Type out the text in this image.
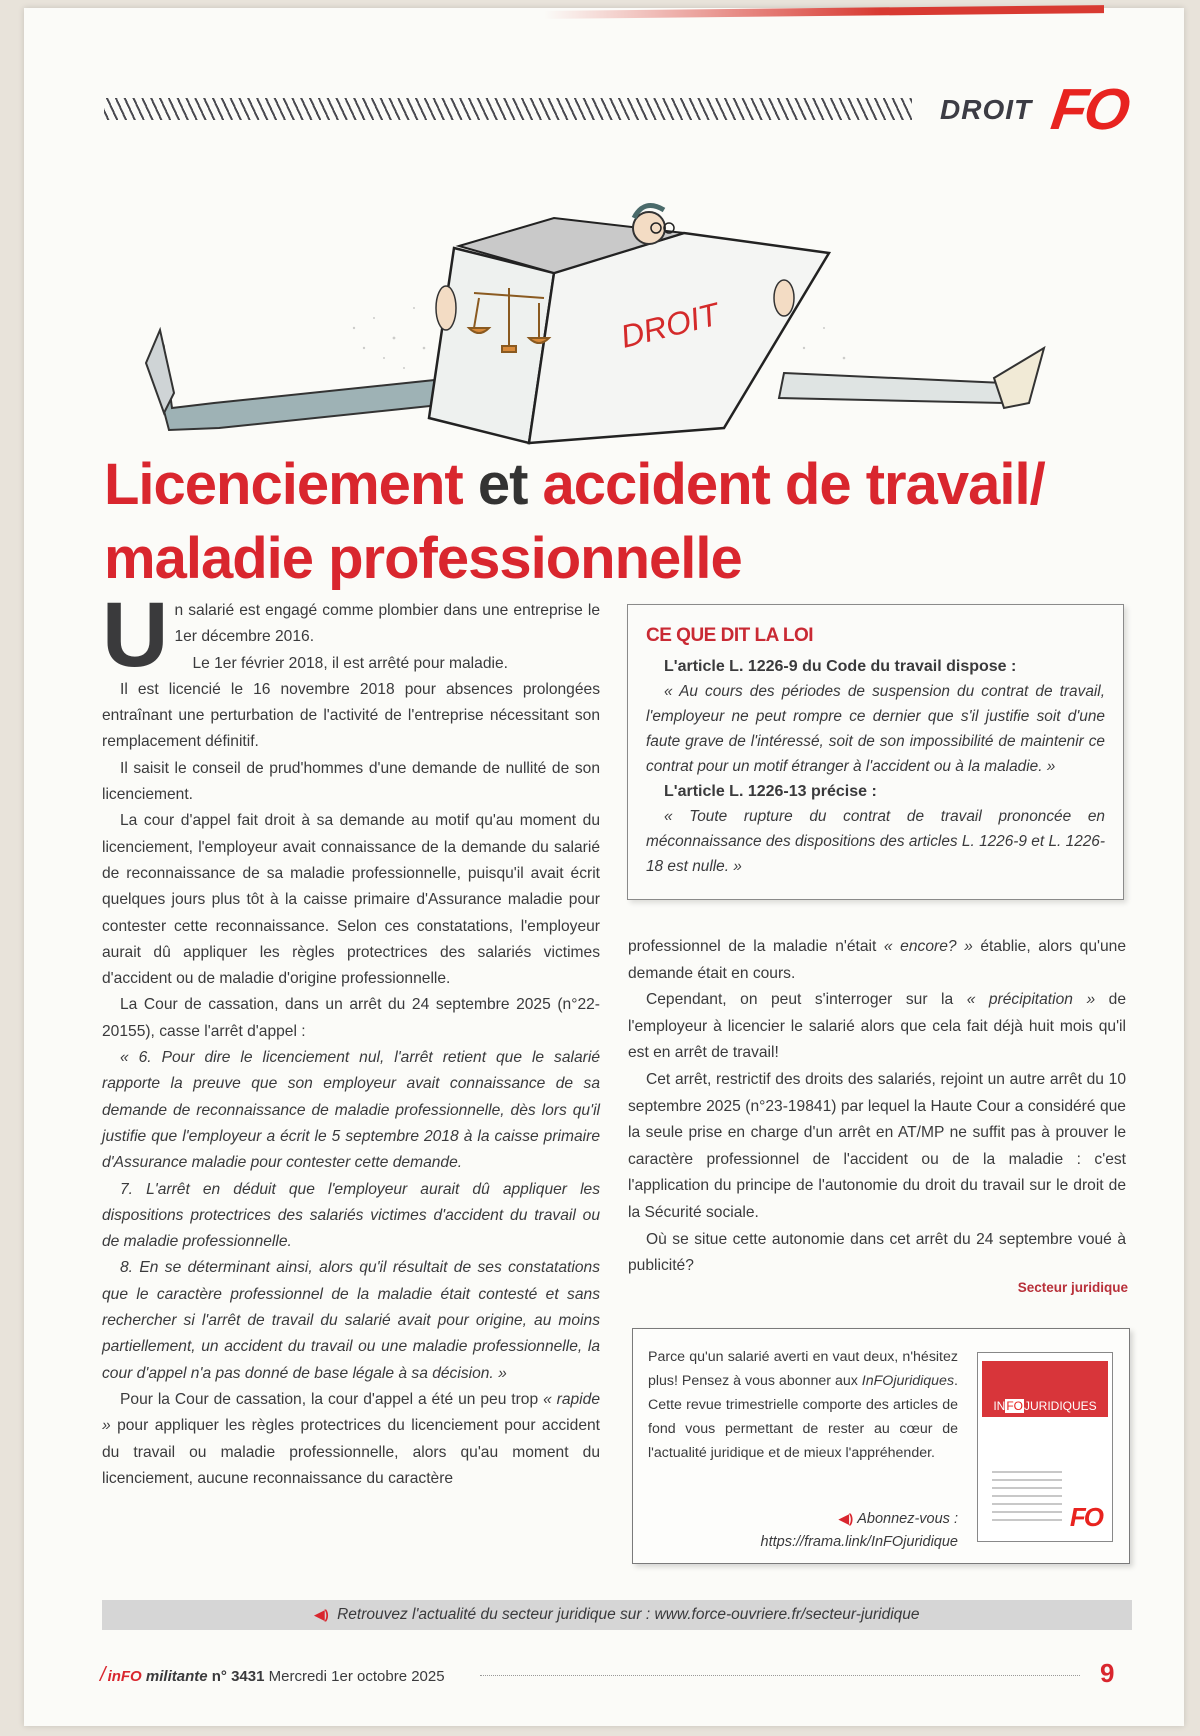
DROIT FO
DROIT
Licenciement et accident de travail/
maladie professionnelle
U n salarié est engagé comme plombier dans une entreprise le 1er décembre 2016.

Le 1er février 2018, il est arrêté pour maladie.

Il est licencié le 16 novembre 2018 pour absences prolongées entraînant une perturbation de l'activité de l'entreprise nécessitant son remplacement définitif.

Il saisit le conseil de prud'hommes d'une demande de nullité de son licenciement.

La cour d'appel fait droit à sa demande au motif qu'au moment du licenciement, l'employeur avait connaissance de la demande du salarié de reconnaissance de sa maladie professionnelle, puisqu'il avait écrit quelques jours plus tôt à la caisse primaire d'Assurance maladie pour contester cette reconnaissance. Selon ces constatations, l'employeur aurait dû appliquer les règles protectrices des salariés victimes d'accident ou de maladie d'origine professionnelle.

La Cour de cassation, dans un arrêt du 24 septembre 2025 (n°22-20155), casse l'arrêt d'appel :

« 6. Pour dire le licenciement nul, l'arrêt retient que le salarié rapporte la preuve que son employeur avait connaissance de sa demande de reconnaissance de maladie professionnelle, dès lors qu'il justifie que l'employeur a écrit le 5 septembre 2018 à la caisse primaire d'Assurance maladie pour contester cette demande.

7. L'arrêt en déduit que l'employeur aurait dû appliquer les dispositions protectrices des salariés victimes d'accident du travail ou de maladie professionnelle.

8. En se déterminant ainsi, alors qu'il résultait de ses constatations que le caractère professionnel de la maladie était contesté et sans rechercher si l'arrêt de travail du salarié avait pour origine, au moins partiellement, un accident du travail ou une maladie professionnelle, la cour d'appel n'a pas donné de base légale à sa décision. »

Pour la Cour de cassation, la cour d'appel a été un peu trop « rapide » pour appliquer les règles protectrices du licenciement pour accident du travail ou maladie professionnelle, alors qu'au moment du licenciement, aucune reconnaissance du caractère

CE QUE DIT LA LOI
L'article L. 1226-9 du Code du travail dispose :
« Au cours des périodes de suspension du contrat de travail, l'employeur ne peut rompre ce dernier que s'il justifie soit d'une faute grave de l'intéressé, soit de son impossibilité de maintenir ce contrat pour un motif étranger à l'accident ou à la maladie. »
L'article L. 1226-13 précise :
« Toute rupture du contrat de travail prononcée en méconnaissance des dispositions des articles L. 1226-9 et L. 1226-18 est nulle. »

professionnel de la maladie n'était « encore? » établie, alors qu'une demande était en cours.

Cependant, on peut s'interroger sur la « précipitation » de l'employeur à licencier le salarié alors que cela fait déjà huit mois qu'il est en arrêt de travail!

Cet arrêt, restrictif des droits des salariés, rejoint un autre arrêt du 10 septembre 2025 (n°23-19841) par lequel la Haute Cour a considéré que la seule prise en charge d'un arrêt en AT/MP ne suffit pas à prouver le caractère professionnel de l'accident ou de la maladie : c'est l'application du principe de l'autonomie du droit du travail sur le droit de la Sécurité sociale.

Où se situe cette autonomie dans cet arrêt du 24 septembre voué à publicité?

Secteur juridique
Parce qu'un salarié averti en vaut deux, n'hésitez plus! Pensez à vous abonner aux InFOjuridiques. Cette revue trimestrielle comporte des articles de fond vous permettant de rester au cœur de l'actualité juridique et de mieux l'appréhender.
◀) Abonnez-vous :
https://frama.link/InFOjuridique
INFOJURIDIQUES
FO
◀) Retrouvez l'actualité du secteur juridique sur : www.force-ouvriere.fr/secteur-juridique
/ inFO militante n° 3431 Mercredi 1er octobre 2025	9
